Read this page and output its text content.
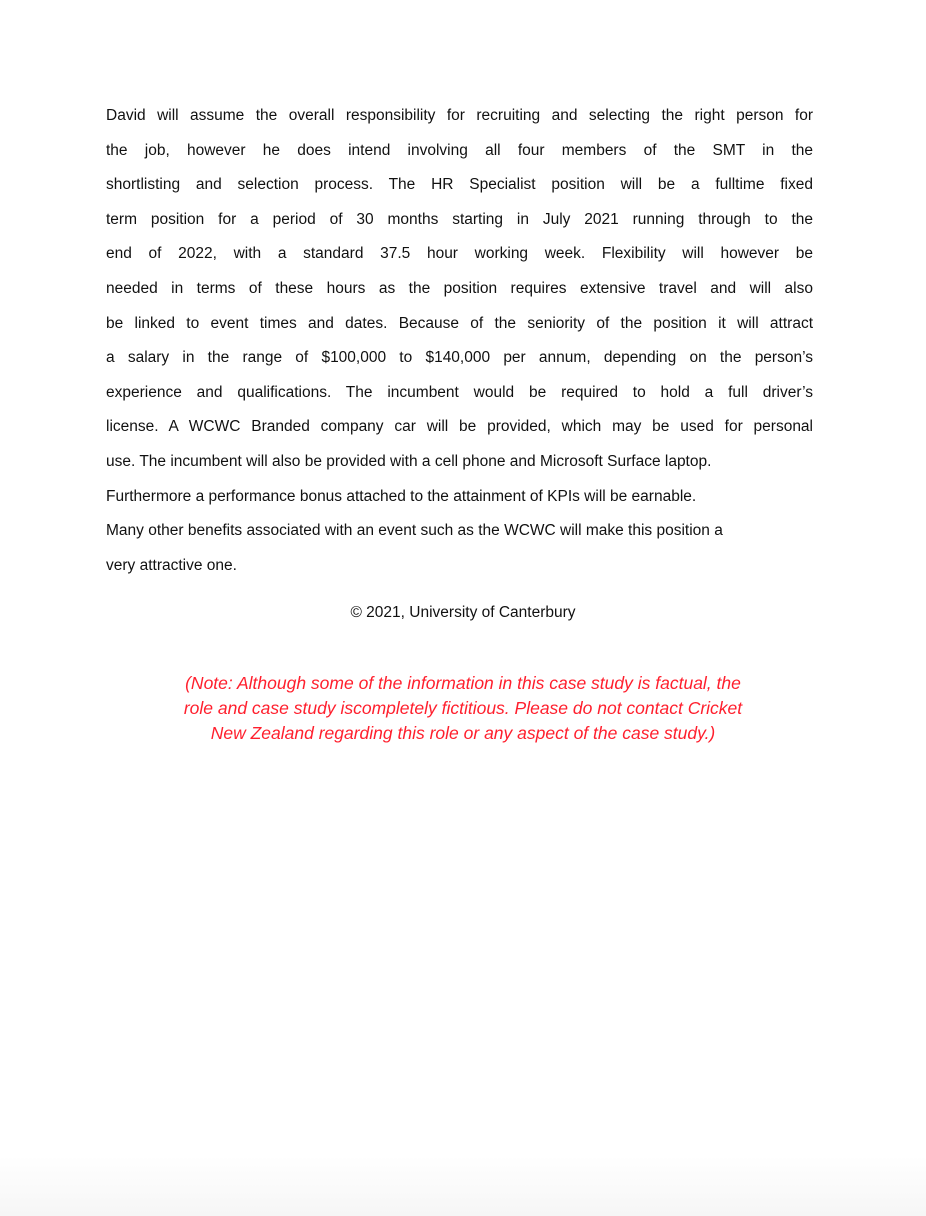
David will assume the overall responsibility for recruiting and selecting the right person for
the job, however he does intend involving all four members of the SMT in the
shortlisting and selection process. The HR Specialist position will be a fulltime fixed
term position for a period of 30 months starting in July 2021 running through to the
end of 2022, with a standard 37.5 hour working week. Flexibility will however be
needed in terms of these hours as the position requires extensive travel and will also
be linked to event times and dates. Because of the seniority of the position it will attract
a salary in the range of $100,000 to $140,000 per annum, depending on the person’s
experience and qualifications. The incumbent would be required to hold a full driver’s
license. A WCWC Branded company car will be provided, which may be used for personal
use. The incumbent will also be provided with a cell phone and Microsoft Surface laptop.
Furthermore a performance bonus attached to the attainment of KPIs will be earnable.
Many other benefits associated with an event such as the WCWC will make this position a
very attractive one.

© 2021, University of Canterbury

(Note: Although some of the information in this case study is factual, the
role and case study iscompletely fictitious. Please do not contact Cricket
New Zealand regarding this role or any aspect of the case study.)
